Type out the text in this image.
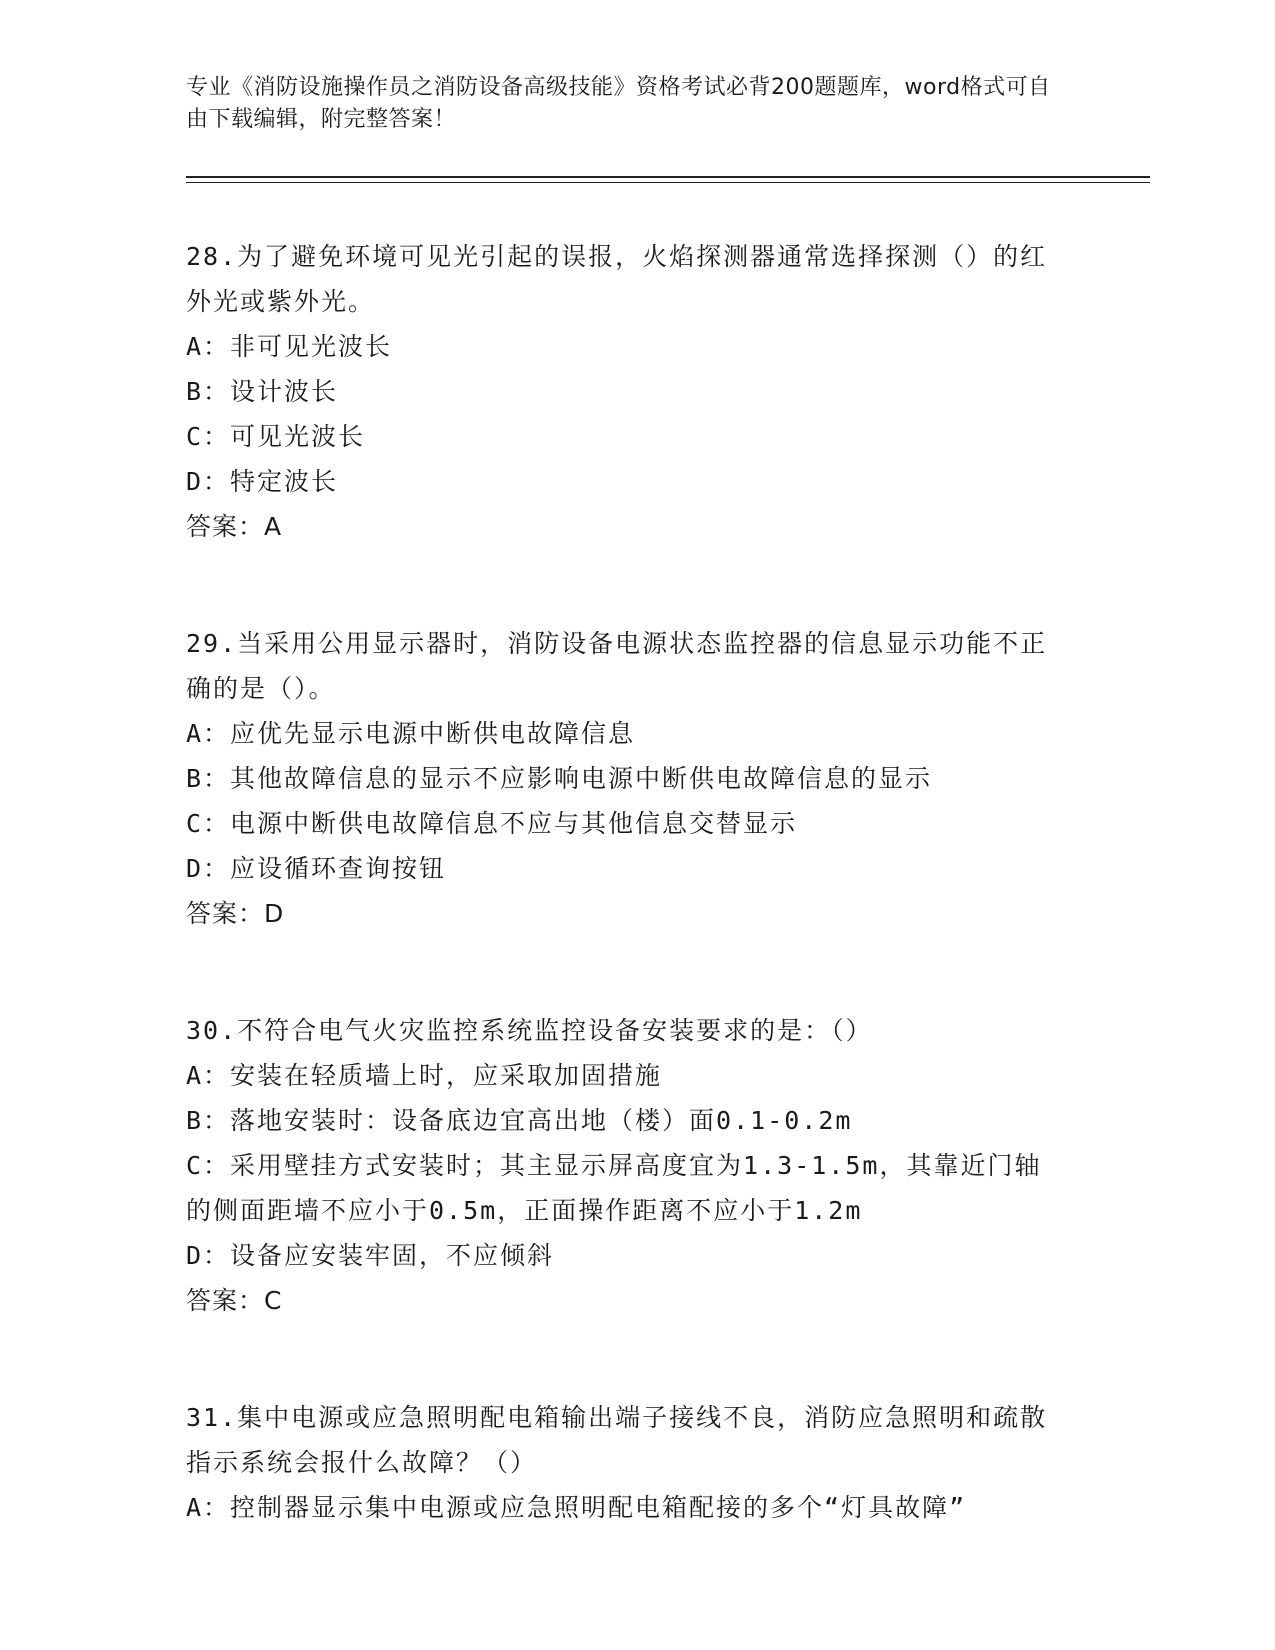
专业《消防设施操作员之消防设备高级技能》资格考试必背200题题库，word格式可自由下载编辑，附完整答案！

28.为了避免环境可见光引起的误报，火焰探测器通常选择探测（）的红外光或紫外光。

A：非可见光波长

B：设计波长

C：可见光波长

D：特定波长

答案：A

29.当采用公用显示器时，消防设备电源状态监控器的信息显示功能不正确的是（）。

A：应优先显示电源中断供电故障信息

B：其他故障信息的显示不应影响电源中断供电故障信息的显示

C：电源中断供电故障信息不应与其他信息交替显示

D：应设循环查询按钮

答案：D

30.不符合电气火灾监控系统监控设备安装要求的是：（）

A：安装在轻质墙上时，应采取加固措施

B：落地安装时：设备底边宜高出地（楼）面0.1-0.2m

C：采用壁挂方式安装时；其主显示屏高度宜为1.3-1.5m，其靠近门轴的侧面距墙不应小于0.5m，正面操作距离不应小于1.2m

D：设备应安装牢固，不应倾斜

答案：C

31.集中电源或应急照明配电箱输出端子接线不良，消防应急照明和疏散指示系统会报什么故障？（）

A：控制器显示集中电源或应急照明配电箱配接的多个“灯具故障”
